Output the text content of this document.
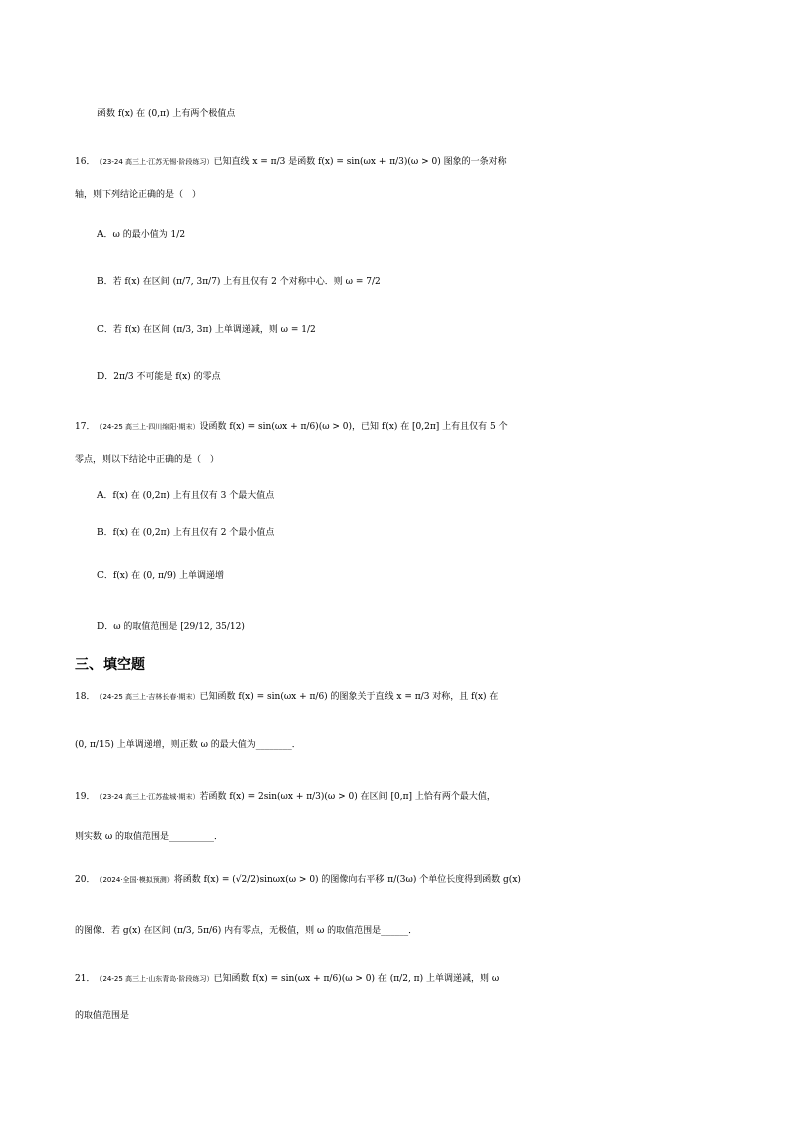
函数 f(x) 在 (0,π) 上有两个极值点
16． （23-24 高三上·江苏无锡·阶段练习） 已知直线 x = π/3 是函数 f(x) = sin(ωx + π/3)(ω > 0) 图象的一条对称
轴，则下列结论正确的是（　）
A．ω 的最小值为 1/2
B．若 f(x) 在区间 (π/7, 3π/7) 上有且仅有 2 个对称中心．则 ω = 7/2
C．若 f(x) 在区间 (π/3, 3π) 上单调递减，则 ω = 1/2
D．2π/3 不可能是 f(x) 的零点
17． （24-25 高三上·四川绵阳·期末） 设函数 f(x) = sin(ωx + π/6)(ω > 0)，已知 f(x) 在 [0,2π] 上有且仅有 5 个
零点，则以下结论中正确的是（　）
A．f(x) 在 (0,2π) 上有且仅有 3 个最大值点
B．f(x) 在 (0,2π) 上有且仅有 2 个最小值点
C．f(x) 在 (0, π/9) 上单调递增
D．ω 的取值范围是 [29/12, 35/12)
三、填空题
18． （24-25 高三上·吉林长春·期末） 已知函数 f(x) = sin(ωx + π/6) 的图象关于直线 x = π/3 对称，且 f(x) 在
(0, π/15) 上单调递增，则正数 ω 的最大值为________．
19． （23-24 高三上·江苏盐城·期末） 若函数 f(x) = 2sin(ωx + π/3)(ω > 0) 在区间 [0,π] 上恰有两个最大值，
则实数 ω 的取值范围是__________．
20． （2024·全国·模拟预测） 将函数 f(x) = (√2/2)sinωx(ω > 0) 的图像向右平移 π/(3ω) 个单位长度得到函数 g(x)
的图像．若 g(x) 在区间 (π/3, 5π/6) 内有零点，无极值，则 ω 的取值范围是______．
21． （24-25 高三上·山东青岛·阶段练习） 已知函数 f(x) = sin(ωx + π/6)(ω > 0) 在 (π/2, π) 上单调递减，则 ω
的取值范围是
